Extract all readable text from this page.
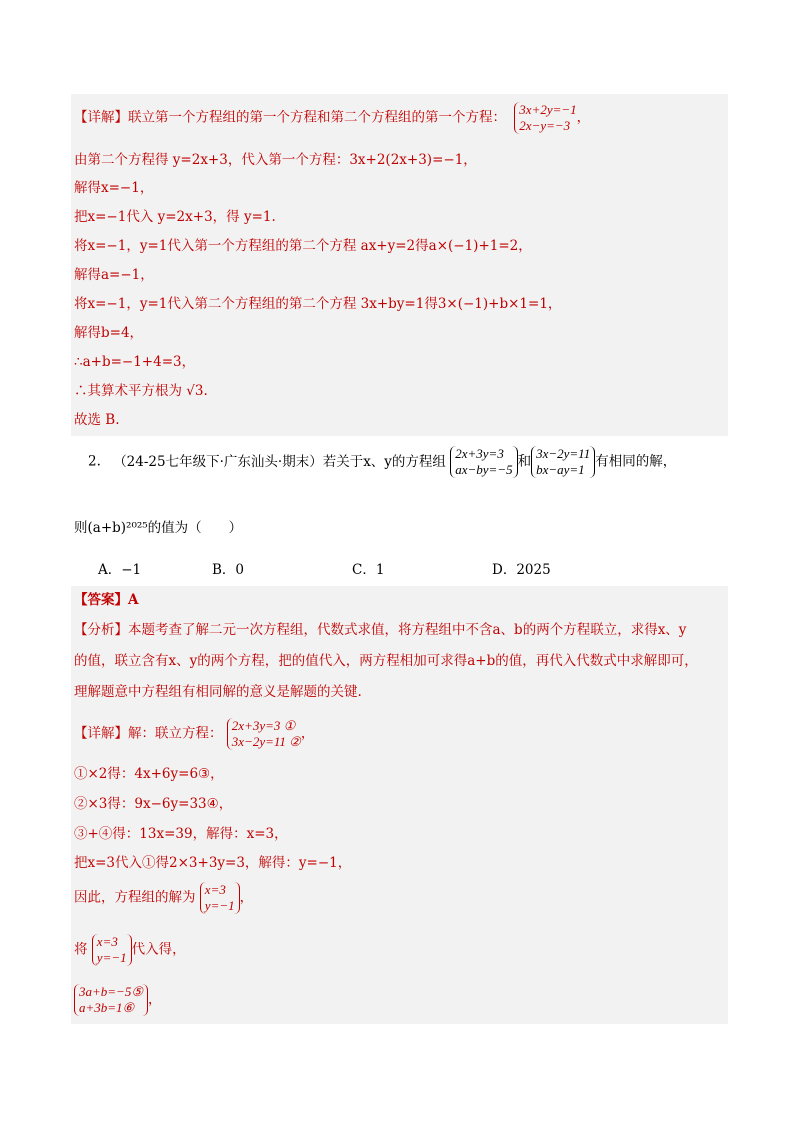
【详解】联立第一个方程组的第一个方程和第二个方程组的第一个方程： 3x+2y=−1
2x−y=−3 ，
由第二个方程得 y=2x+3，代入第一个方程：3x+2(2x+3)=−1，
解得x=−1，
把x=−1代入 y=2x+3，得 y=1.
将x=−1，y=1代入第一个方程组的第二个方程 ax+y=2得a×(−1)+1=2，
解得a=−1，
将x=−1，y=1代入第二个方程组的第二个方程 3x+by=1得3×(−1)+b×1=1，
解得b=4，
∴a+b=−1+4=3，
∴其算术平方根为 √3.
故选 B.
2. （24-25七年级下·广东汕头·期末）若关于x、y的方程组 2x+3y=3
ax−by=−5 和 3x−2y=11
bx−ay=1 有相同的解，
则(a+b)²⁰²⁵的值为（　　）
A．−1	B．0	C．1	D．2025
【答案】A
【分析】本题考查了解二元一次方程组，代数式求值，将方程组中不含a、b的两个方程联立，求得x、y
的值，联立含有x、y的两个方程，把的值代入，两方程相加可求得a+b的值，再代入代数式中求解即可，
理解题意中方程组有相同解的意义是解题的关键.
【详解】解：联立方程： 2x+3y=3 ①
3x−2y=11 ②，
①×2得：4x+6y=6③，
②×3得：9x−6y=33④，
③+④得：13x=39，解得：x=3，
把x=3代入①得2×3+3y=3，解得：y=−1，
因此，方程组的解为 x=3
y=−1 ，
将 x=3
y=−1 代入得，
3a+b=−5⑤
a+3b=1⑥ ，
